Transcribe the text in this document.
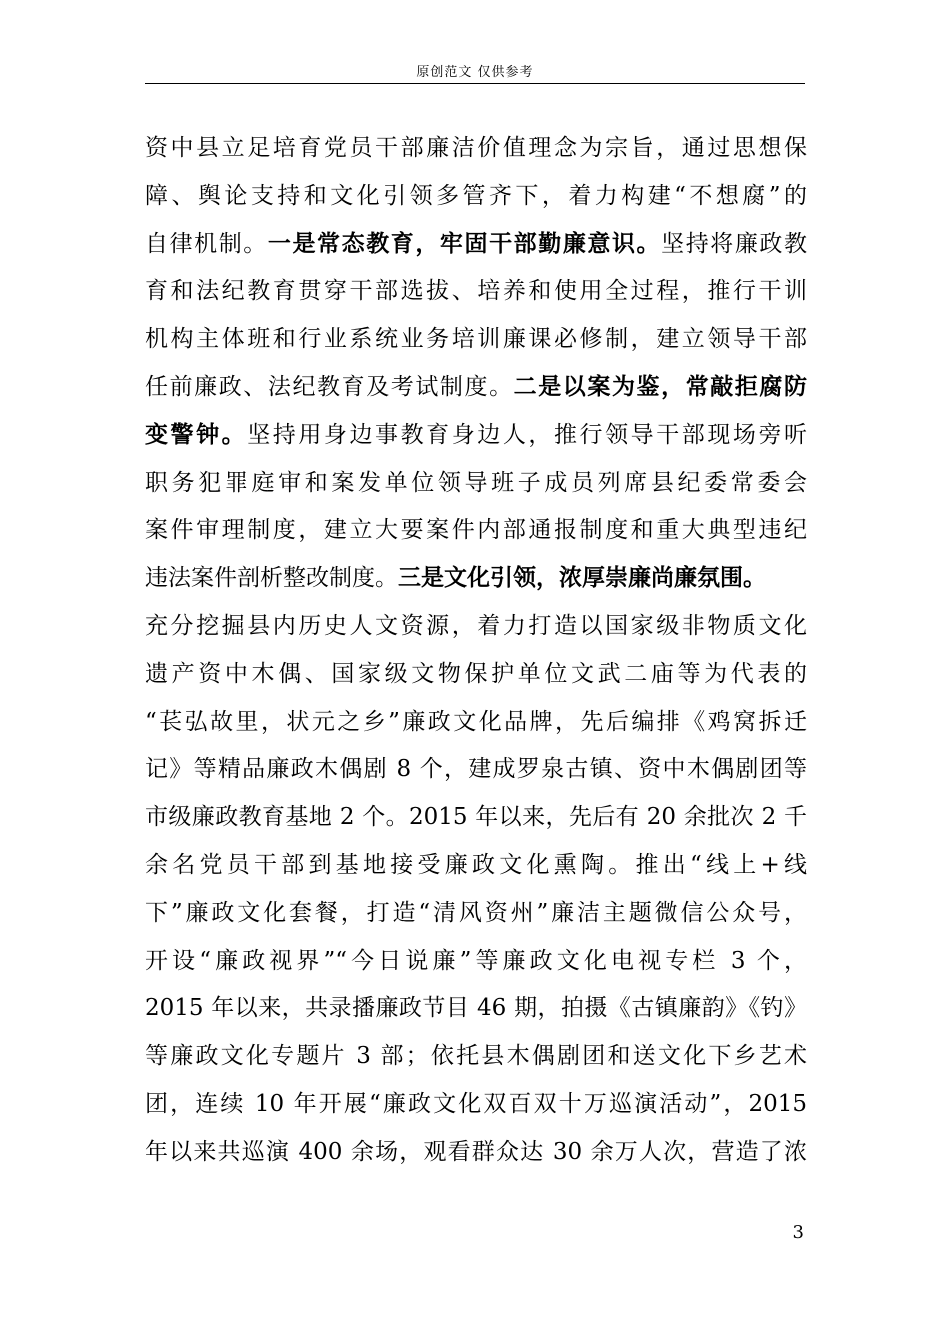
原创范文 仅供参考
资中县立足培育党员干部廉洁价值理念为宗旨，通过思想保
障、舆论支持和文化引领多管齐下，着力构建“不想腐”的
自律机制。一是常态教育，牢固干部勤廉意识。坚持将廉政教
育和法纪教育贯穿干部选拔、培养和使用全过程，推行干训
机构主体班和行业系统业务培训廉课必修制，建立领导干部
任前廉政、法纪教育及考试制度。二是以案为鉴，常敲拒腐防
变警钟。坚持用身边事教育身边人，推行领导干部现场旁听
职务犯罪庭审和案发单位领导班子成员列席县纪委常委会
案件审理制度，建立大要案件内部通报制度和重大典型违纪
违法案件剖析整改制度。三是文化引领，浓厚崇廉尚廉氛围。
充分挖掘县内历史人文资源，着力打造以国家级非物质文化
遗产资中木偶、国家级文物保护单位文武二庙等为代表的
“苌弘故里，状元之乡”廉政文化品牌，先后编排《鸡窝拆迁
记》等精品廉政木偶剧 8 个，建成罗泉古镇、资中木偶剧团等
市级廉政教育基地 2 个。2015 年以来，先后有 20 余批次 2 千
余名党员干部到基地接受廉政文化熏陶。推出“线上+线
下”廉政文化套餐，打造“清风资州”廉洁主题微信公众号，
开设“廉政视界”“今日说廉”等廉政文化电视专栏 3 个，
2015 年以来，共录播廉政节目 46 期，拍摄《古镇廉韵》《钓》
等廉政文化专题片 3 部；依托县木偶剧团和送文化下乡艺术
团，连续 10 年开展“廉政文化双百双十万巡演活动”，2015
年以来共巡演 400 余场，观看群众达 30 余万人次，营造了浓
3
